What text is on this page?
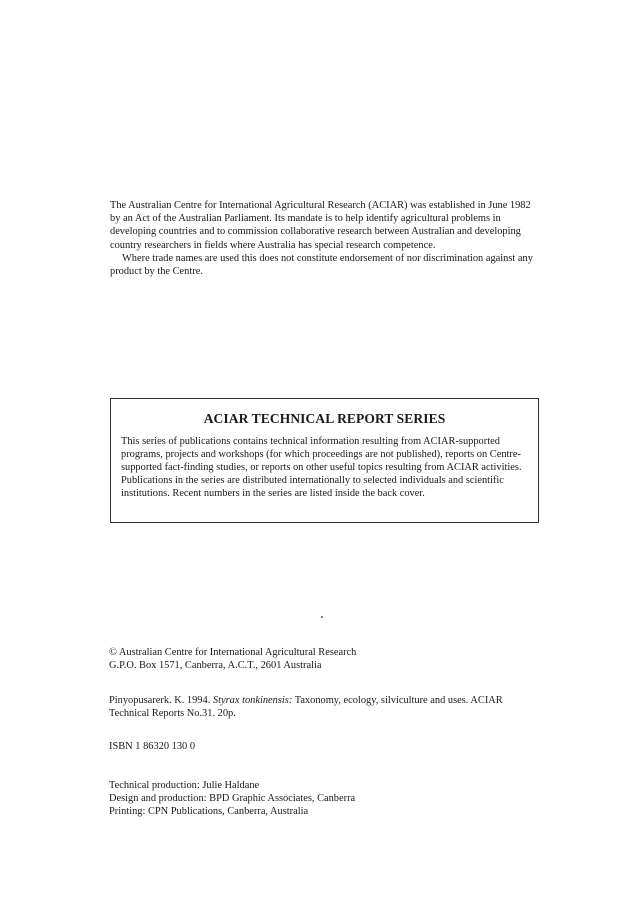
The Australian Centre for International Agricultural Research (ACIAR) was established in June 1982 by an Act of the Australian Parliament. Its mandate is to help identify agricultural problems in developing countries and to commission collaborative research between Australian and developing country researchers in fields where Australia has special research competence.

Where trade names are used this does not constitute endorsement of nor discrimination against any product by the Centre.

ACIAR TECHNICAL REPORT SERIES

This series of publications contains technical information resulting from ACIAR-supported programs, projects and workshops (for which proceedings are not published), reports on Centre-supported fact-finding studies, or reports on other useful topics resulting from ACIAR activities. Publications in the series are distributed internationally to selected individuals and scientific institutions. Recent numbers in the series are listed inside the back cover.

© Australian Centre for International Agricultural Research
G.P.O. Box 1571, Canberra, A.C.T., 2601 Australia
Pinyopusarerk. K. 1994. Styrax tonkinensis: Taxonomy, ecology, silviculture and uses. ACIAR Technical Reports No.31. 20p.
ISBN 1 86320 130 0
Technical production: Julie Haldane
Design and production: BPD Graphic Associates, Canberra
Printing: CPN Publications, Canberra, Australia
